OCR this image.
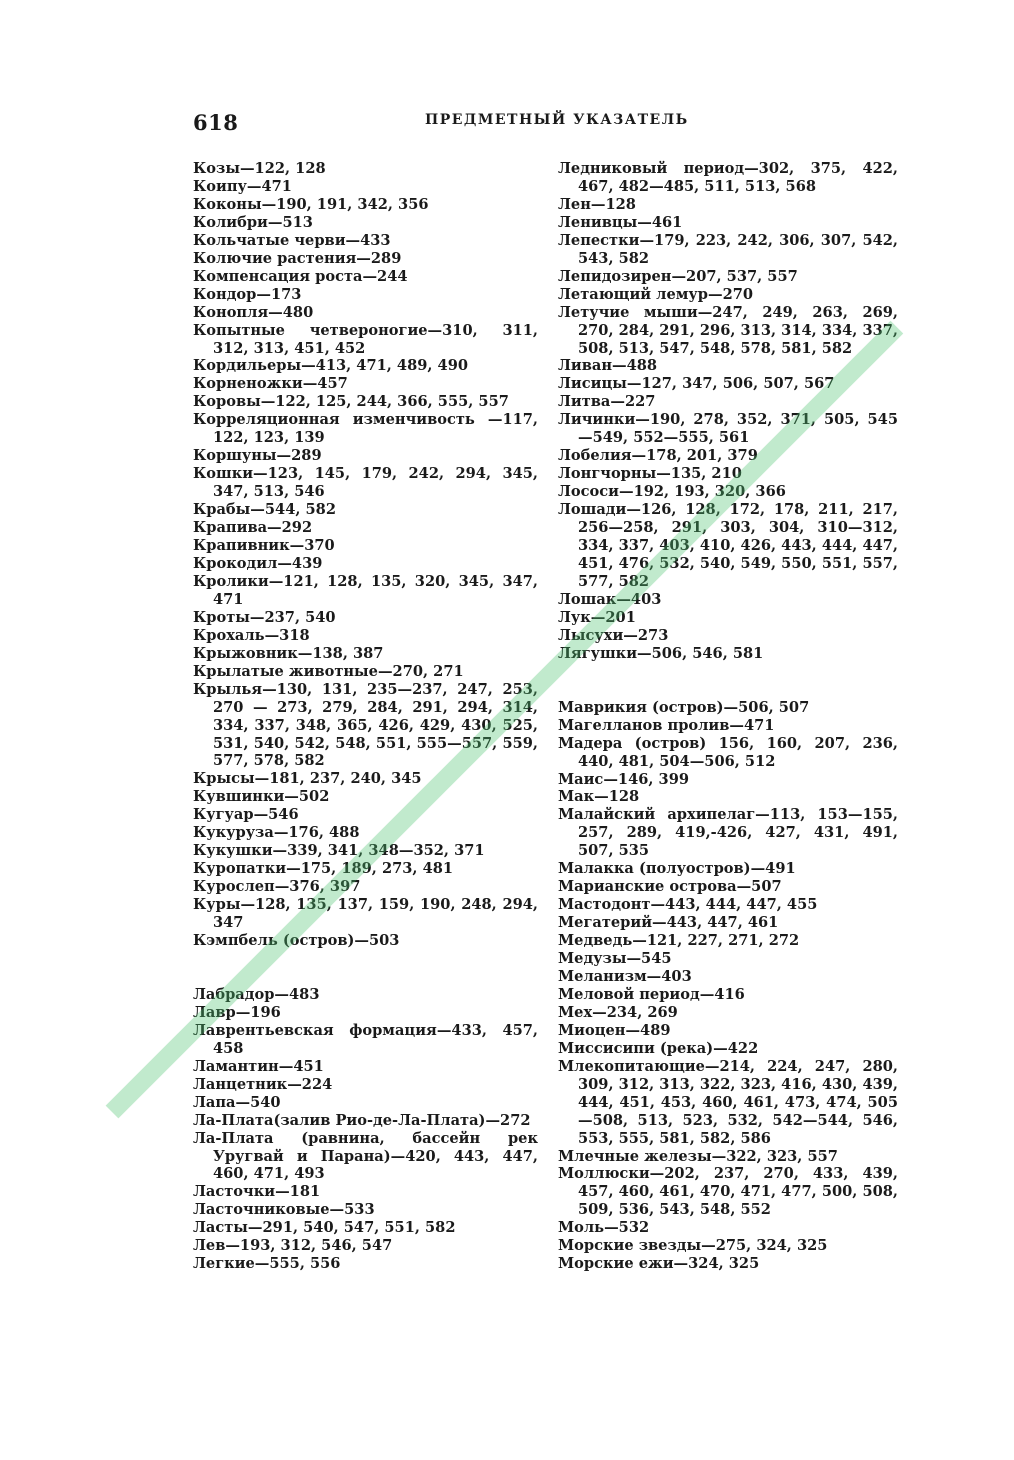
618	ПРЕДМЕТНЫЙ УКАЗАТЕЛЬ
Козы—122, 128
Коипу—471
Коконы—190, 191, 342, 356
Колибри—513
Кольчатые черви—433
Колючие растения—289
Компенсация роста—244
Кондор—173
Конопля—480
Копытные четвероногие—310, 311, 312, 313, 451, 452
Кордильеры—413, 471, 489, 490
Корненожки—457
Коровы—122, 125, 244, 366, 555, 557
Корреляционная изменчивость —117, 122, 123, 139
Коршуны—289
Кошки—123, 145, 179, 242, 294, 345, 347, 513, 546
Крабы—544, 582
Крапива—292
Крапивник—370
Крокодил—439
Кролики—121, 128, 135, 320, 345, 347, 471
Кроты—237, 540
Крохаль—318
Крыжовник—138, 387
Крылатые животные—270, 271
Крылья—130, 131, 235—237, 247, 253, 270 — 273, 279, 284, 291, 294, 314, 334, 337, 348, 365, 426, 429, 430, 525, 531, 540, 542, 548, 551, 555—557, 559, 577, 578, 582
Крысы—181, 237, 240, 345
Кувшинки—502
Кугуар—546
Кукуруза—176, 488
Кукушки—339, 341, 348—352, 371
Куропатки—175, 189, 273, 481
Курослеп—376, 397
Куры—128, 135, 137, 159, 190, 248, 294, 347
Кэмпбель (остров)—503
Лабрадор—483
Лавр—196
Лаврентьевская формация—433, 457, 458
Ламантин—451
Ланцетник—224
Лапа—540
Ла-Плата(залив Рио-де-Ла-Плата)—272
Ла-Плата (равнина, бассейн рек Уругвай и Парана)—420, 443, 447, 460, 471, 493
Ласточки—181
Ласточниковые—533
Ласты—291, 540, 547, 551, 582
Лев—193, 312, 546, 547
Легкие—555, 556
Ледниковый период—302, 375, 422, 467, 482—485, 511, 513, 568
Лен—128
Ленивцы—461
Лепестки—179, 223, 242, 306, 307, 542, 543, 582
Лепидозирен—207, 537, 557
Летающий лемур—270
Летучие мыши—247, 249, 263, 269, 270, 284, 291, 296, 313, 314, 334, 337, 508, 513, 547, 548, 578, 581, 582
Ливан—488
Лисицы—127, 347, 506, 507, 567
Литва—227
Личинки—190, 278, 352, 371, 505, 545—549, 552—555, 561
Лобелия—178, 201, 379
Лонгчорны—135, 210
Лососи—192, 193, 320, 366
Лошади—126, 128, 172, 178, 211, 217, 256—258, 291, 303, 304, 310—312, 334, 337, 403, 410, 426, 443, 444, 447, 451, 476, 532, 540, 549, 550, 551, 557, 577, 582
Лошак—403
Лук—201
Лысухи—273
Лягушки—506, 546, 581
Маврикия (остров)—506, 507
Магелланов пролив—471
Мадера (остров) 156, 160, 207, 236, 440, 481, 504—506, 512
Маис—146, 399
Мак—128
Малайский архипелаг—113, 153—155, 257, 289, 419,-426, 427, 431, 491, 507, 535
Малакка (полуостров)—491
Марианские острова—507
Мастодонт—443, 444, 447, 455
Мегатерий—443, 447, 461
Медведь—121, 227, 271, 272
Медузы—545
Меланизм—403
Меловой период—416
Мех—234, 269
Миоцен—489
Миссисипи (река)—422
Млекопитающие—214, 224, 247, 280, 309, 312, 313, 322, 323, 416, 430, 439, 444, 451, 453, 460, 461, 473, 474, 505—508, 513, 523, 532, 542—544, 546, 553, 555, 581, 582, 586
Млечные железы—322, 323, 557
Моллюски—202, 237, 270, 433, 439, 457, 460, 461, 470, 471, 477, 500, 508, 509, 536, 543, 548, 552
Моль—532
Морские звезды—275, 324, 325
Морские ежи—324, 325
